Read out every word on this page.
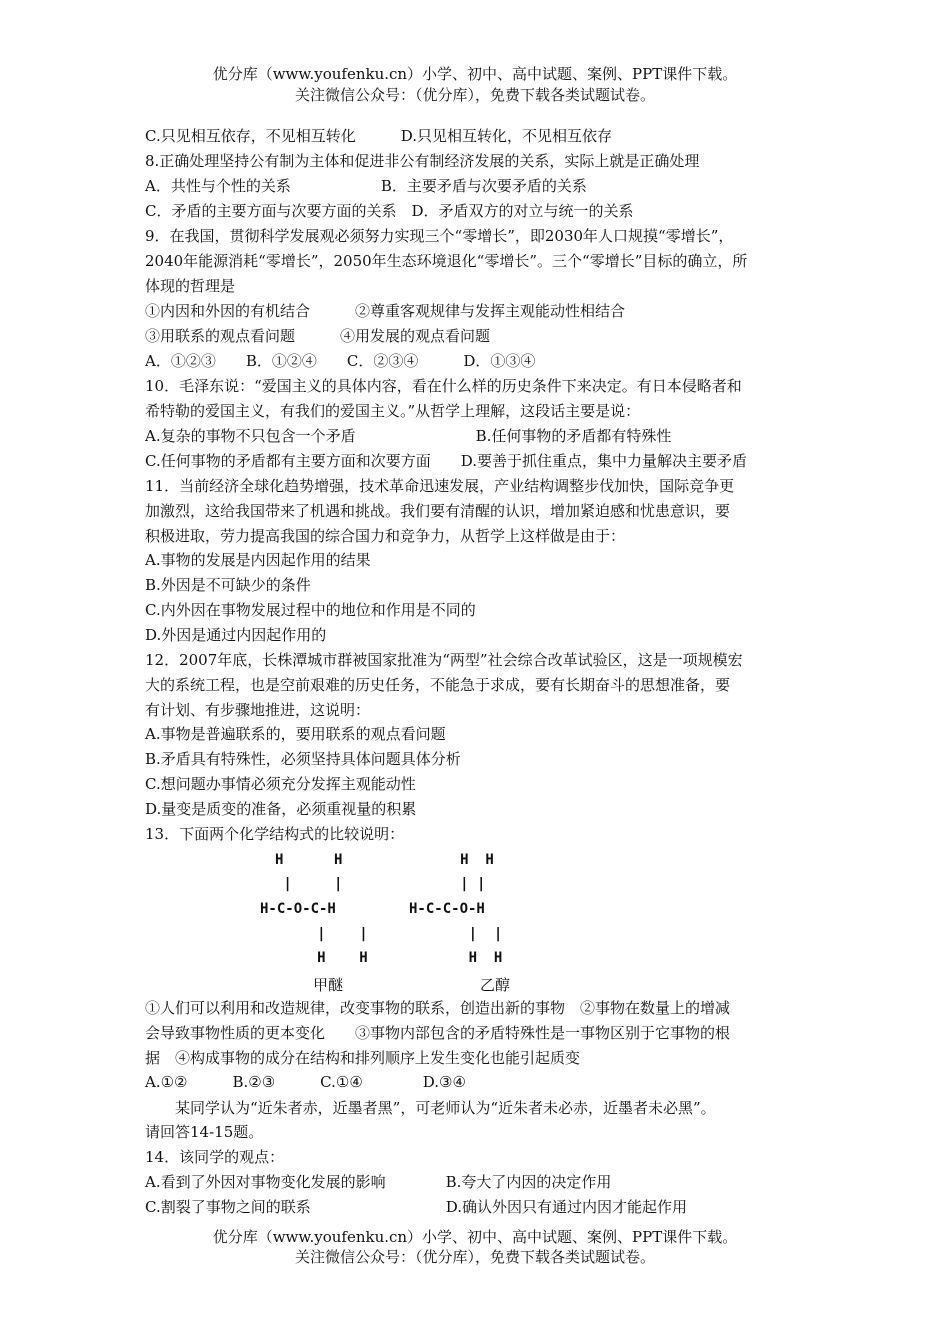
优分库（www.youfenku.cn）小学、初中、高中试题、案例、PPT课件下载。
关注微信公众号：（优分库），免费下载各类试题试卷。
C.只见相互依存，不见相互转化　　　D.只见相互转化，不见相互依存
8.正确处理坚持公有制为主体和促进非公有制经济发展的关系，实际上就是正确处理
A．共性与个性的关系　　　　　　B．主要矛盾与次要矛盾的关系
C．矛盾的主要方面与次要方面的关系　D．矛盾双方的对立与统一的关系
9．在我国，贯彻科学发展观必须努力实现三个“零增长”，即2030年人口规摸“零增长”，
2040年能源消耗“零增长”，2050年生态环境退化“零增长”。三个“零增长”目标的确立，所
体现的哲理是
①内因和外因的有机结合　　　②尊重客观规律与发挥主观能动性相结合
③用联系的观点看问题　　　④用发展的观点看问题
A．①②③　　B．①②④　　C．②③④　　　D．①③④
10．毛泽东说：“爱国主义的具体内容，看在什么样的历史条件下来决定。有日本侵略者和
希特勒的爱国主义，有我们的爱国主义。”从哲学上理解，这段话主要是说：
A.复杂的事物不只包含一个矛盾　　　　　　　　B.任何事物的矛盾都有特殊性
C.任何事物的矛盾都有主要方面和次要方面　　D.要善于抓住重点，集中力量解决主要矛盾
11．当前经济全球化趋势增强，技术革命迅速发展，产业结构调整步伐加快，国际竞争更
加激烈，这给我国带来了机遇和挑战。我们要有清醒的认识，增加紧迫感和忧患意识，要
积极进取，劳力提高我国的综合国力和竞争力，从哲学上这样做是由于：
A.事物的发展是内因起作用的结果
B.外因是不可缺少的条件
C.内外因在事物发展过程中的地位和作用是不同的
D.外因是通过内因起作用的
12．2007年底，长株潭城市群被国家批准为“两型”社会综合改革试验区，这是一项规模宏
大的系统工程，也是空前艰难的历史任务，不能急于求成，要有长期奋斗的思想准备，要
有计划、有步骤地推进，这说明：
A.事物是普遍联系的，要用联系的观点看问题
B.矛盾具有特殊性，必须坚持具体问题具体分析
C.想问题办事情必须充分发挥主观能动性
D.量变是质变的准备，必须重视量的积累
13．下面两个化学结构式的比较说明：
H      H
|     |
H-C-O-C-H
|    |
H    H
甲醚
H  H
| |
H-C-C-O-H
|  |
H  H
乙醇
①人们可以利用和改造规律，改变事物的联系，创造出新的事物　②事物在数量上的增减
会导致事物性质的更本变化　　③事物内部包含的矛盾特殊性是一事物区别于它事物的根
据　④构成事物的成分在结构和排列顺序上发生变化也能引起质变
A.①②　　　B.②③　　　C.①④　　　　D.③④
　　某同学认为“近朱者赤，近墨者黑”，可老师认为“近朱者未必赤，近墨者未必黑”。
请回答14-15题。
14．该同学的观点：
A.看到了外因对事物变化发展的影响　　　　B.夸大了内因的决定作用
C.割裂了事物之间的联系　　　　　　　　　D.确认外因只有通过内因才能起作用
优分库（www.youfenku.cn）小学、初中、高中试题、案例、PPT课件下载。
关注微信公众号：（优分库），免费下载各类试题试卷。
